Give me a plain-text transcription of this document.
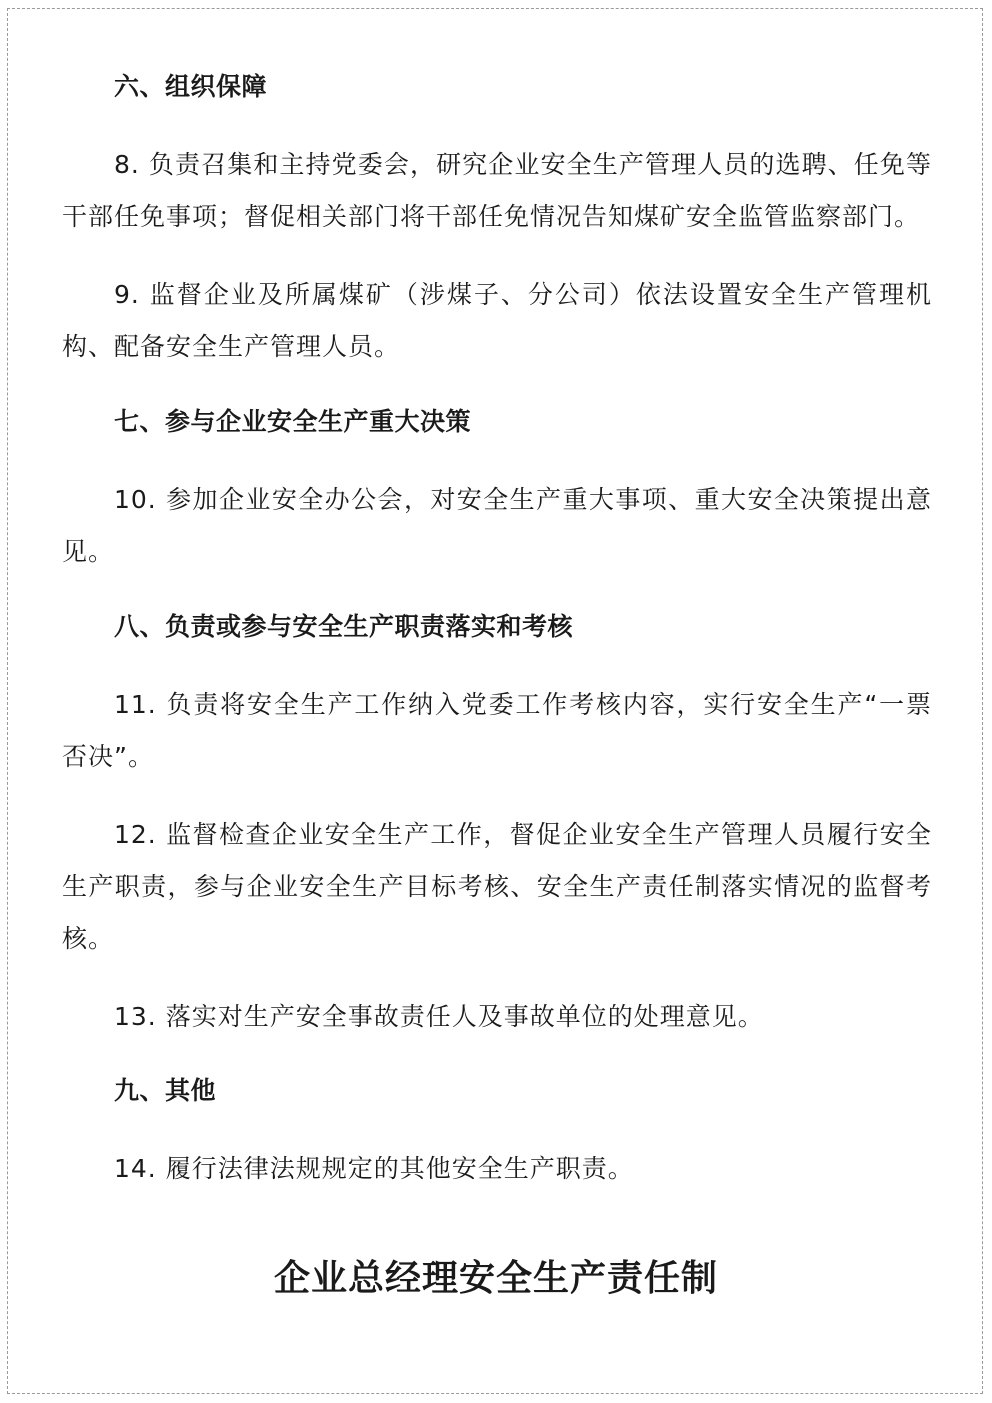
六、组织保障

8. 负责召集和主持党委会，研究企业安全生产管理人员的选聘、任免等干部任免事项；督促相关部门将干部任免情况告知煤矿安全监管监察部门。

9. 监督企业及所属煤矿（涉煤子、分公司）依法设置安全生产管理机构、配备安全生产管理人员。

七、参与企业安全生产重大决策

10. 参加企业安全办公会，对安全生产重大事项、重大安全决策提出意见。

八、负责或参与安全生产职责落实和考核

11. 负责将安全生产工作纳入党委工作考核内容，实行安全生产“一票否决”。

12. 监督检查企业安全生产工作，督促企业安全生产管理人员履行安全生产职责，参与企业安全生产目标考核、安全生产责任制落实情况的监督考核。

13. 落实对生产安全事故责任人及事故单位的处理意见。

九、其他

14. 履行法律法规规定的其他安全生产职责。

企业总经理安全生产责任制
